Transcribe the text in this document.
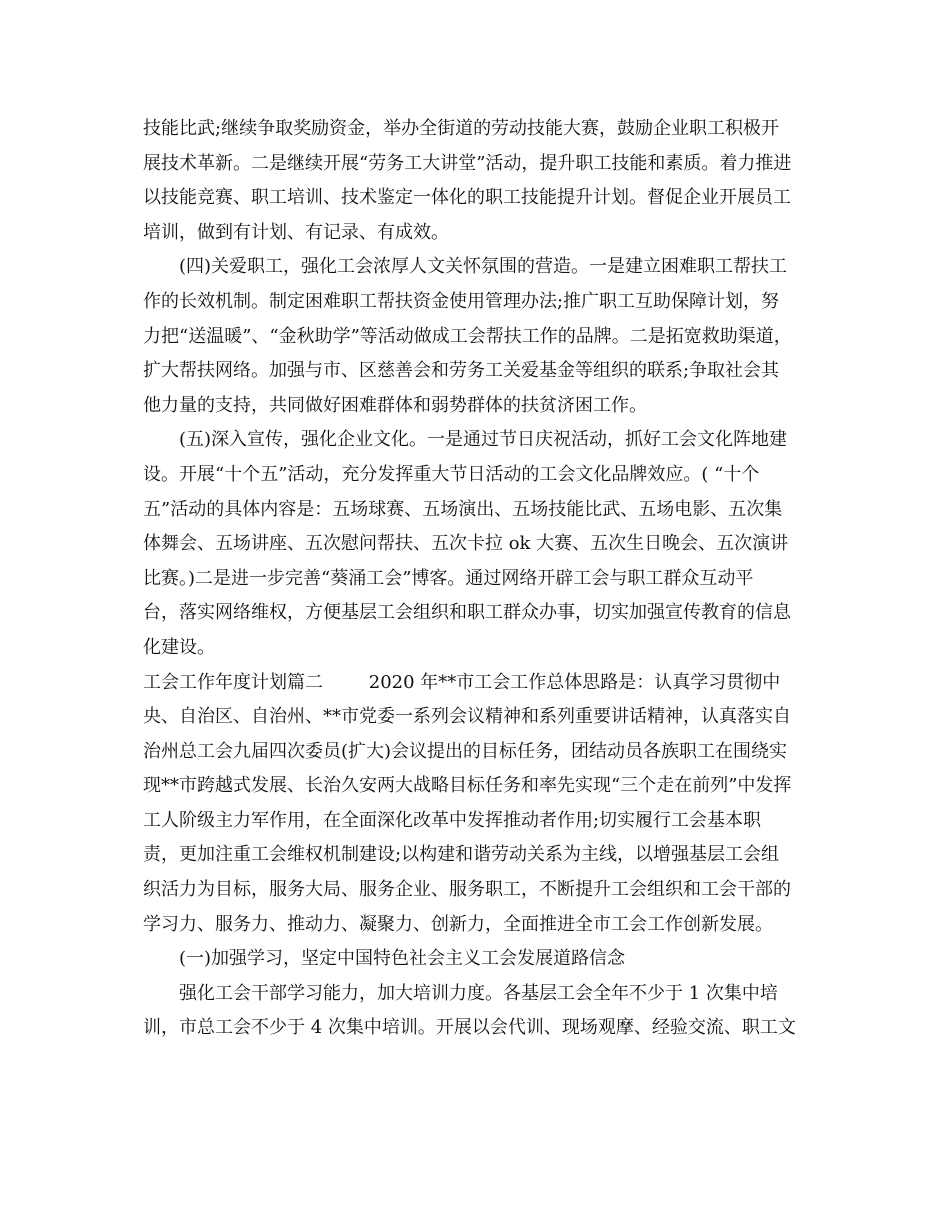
技能比武;继续争取奖励资金，举办全街道的劳动技能大赛，鼓励企业职工积极开
展技术革新。二是继续开展“劳务工大讲堂”活动，提升职工技能和素质。着力推进
以技能竞赛、职工培训、技术鉴定一体化的职工技能提升计划。督促企业开展员工
培训，做到有计划、有记录、有成效。
(四)关爱职工，强化工会浓厚人文关怀氛围的营造。一是建立困难职工帮扶工
作的长效机制。制定困难职工帮扶资金使用管理办法;推广职工互助保障计划，努
力把“送温暖”、“金秋助学”等活动做成工会帮扶工作的品牌。二是拓宽救助渠道，
扩大帮扶网络。加强与市、区慈善会和劳务工关爱基金等组织的联系;争取社会其
他力量的支持，共同做好困难群体和弱势群体的扶贫济困工作。
(五)深入宣传，强化企业文化。一是通过节日庆祝活动，抓好工会文化阵地建
设。开展“十个五”活动，充分发挥重大节日活动的工会文化品牌效应。( “十个
五”活动的具体内容是：五场球赛、五场演出、五场技能比武、五场电影、五次集
体舞会、五场讲座、五次慰问帮扶、五次卡拉 ok 大赛、五次生日晚会、五次演讲
比赛。)二是进一步完善“葵涌工会”博客。通过网络开辟工会与职工群众互动平
台，落实网络维权，方便基层工会组织和职工群众办事，切实加强宣传教育的信息
化建设。
工会工作年度计划篇二        2020 年**市工会工作总体思路是：认真学习贯彻中
央、自治区、自治州、**市党委一系列会议精神和系列重要讲话精神，认真落实自
治州总工会九届四次委员(扩大)会议提出的目标任务，团结动员各族职工在围绕实
现**市跨越式发展、长治久安两大战略目标任务和率先实现“三个走在前列”中发挥
工人阶级主力军作用，在全面深化改革中发挥推动者作用;切实履行工会基本职
责，更加注重工会维权机制建设;以构建和谐劳动关系为主线，以增强基层工会组
织活力为目标，服务大局、服务企业、服务职工，不断提升工会组织和工会干部的
学习力、服务力、推动力、凝聚力、创新力，全面推进全市工会工作创新发展。
(一)加强学习，坚定中国特色社会主义工会发展道路信念
强化工会干部学习能力，加大培训力度。各基层工会全年不少于 1 次集中培
训，市总工会不少于 4 次集中培训。开展以会代训、现场观摩、经验交流、职工文
